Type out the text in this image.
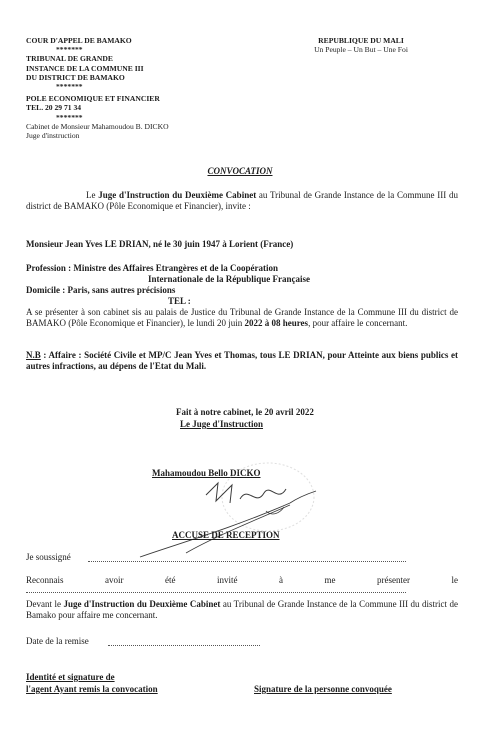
COUR D'APPEL DE BAMAKO
*******
TRIBUNAL DE GRANDE
INSTANCE DE LA COMMUNE III
DU DISTRICT DE BAMAKO
*******
POLE ECONOMIQUE ET FINANCIER
TEL. 20 29 71 34
*******
Cabinet de Monsieur Mahamoudou B. DICKO
Juge d'instruction
REPUBLIQUE DU MALI
Un Peuple – Un But – Une Foi
CONVOCATION
Le Juge d'Instruction du Deuxième Cabinet au Tribunal de Grande Instance de la Commune III du district de BAMAKO (Pôle Economique et Financier), invite :
Monsieur Jean Yves LE DRIAN, né le 30 juin 1947 à Lorient (France)
Profession : Ministre des Affaires Etrangères et de la Coopération
Internationale de la République Française
Domicile : Paris, sans autres précisions
TEL :
A se présenter à son cabinet sis au palais de Justice du Tribunal de Grande Instance de la Commune III du district de BAMAKO (Pôle Economique et Financier), le lundi 20 juin 2022 à 08 heures, pour affaire le concernant.
N.B : Affaire : Société Civile et MP/C Jean Yves et Thomas, tous LE DRIAN, pour Atteinte aux biens publics et autres infractions, au dépens de l'Etat du Mali.
Fait à notre cabinet, le 20 avril 2022
Le Juge d'Instruction
Mahamoudou Bello DICKO
ACCUSE DE RECEPTION
Je soussigné
Reconnais	avoir	été	invité	à	me	présenter	le
Devant le Juge d'Instruction du Deuxième Cabinet au Tribunal de Grande Instance de la Commune III du district de Bamako pour affaire me concernant.
Date de la remise
Identité et signature de
l'agent Ayant remis la convocation	Signature de la personne convoquée
